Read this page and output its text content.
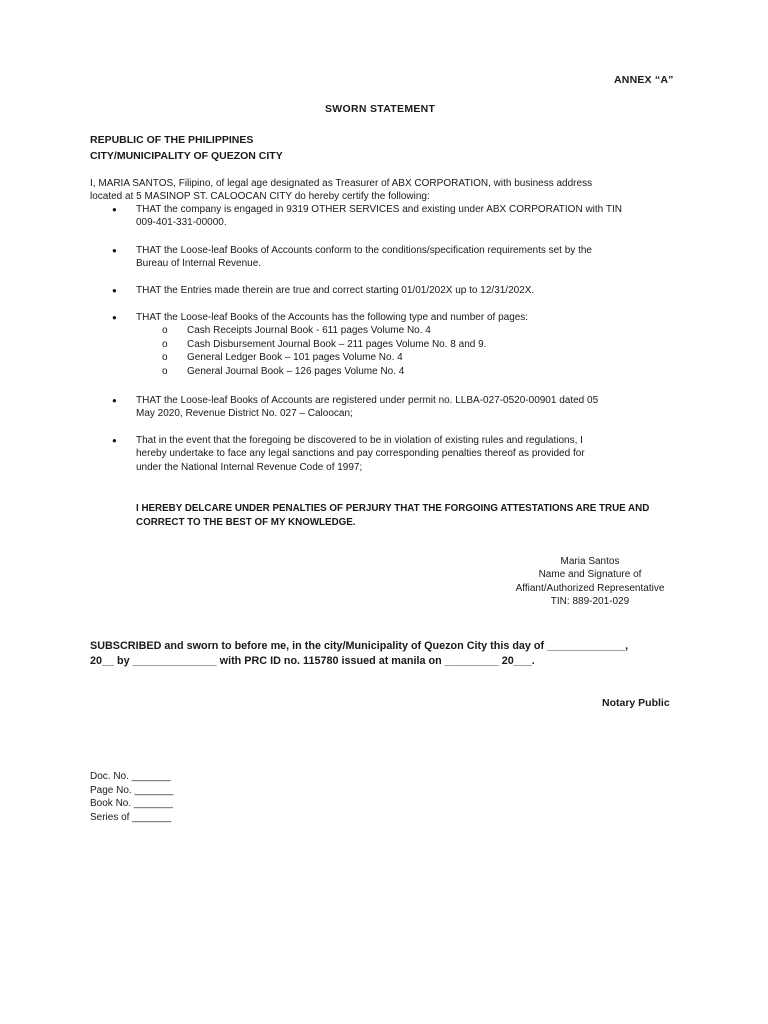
ANNEX “A”
SWORN STATEMENT
REPUBLIC OF THE PHILIPPINES
CITY/MUNICIPALITY OF QUEZON CITY
I, MARIA SANTOS, Filipino, of legal age designated as Treasurer of ABX CORPORATION, with business address
located at 5 MASINOP ST. CALOOCAN CITY do hereby certify the following:
● THAT the company is engaged in 9319 OTHER SERVICES and existing under ABX CORPORATION with TIN
009-401-331-00000.
● THAT the Loose-leaf Books of Accounts conform to the conditions/specification requirements set by the
Bureau of Internal Revenue.
● THAT the Entries made therein are true and correct starting 01/01/202X up to 12/31/202X.
● THAT the Loose-leaf Books of the Accounts has the following type and number of pages:
o Cash Receipts Journal Book - 611 pages Volume No. 4
o Cash Disbursement Journal Book – 211 pages Volume No. 8 and 9.
o General Ledger Book – 101 pages Volume No. 4
o General Journal Book – 126 pages Volume No. 4
● THAT the Loose-leaf Books of Accounts are registered under permit no. LLBA-027-0520-00901 dated 05
May 2020, Revenue District No. 027 – Caloocan;
● That in the event that the foregoing be discovered to be in violation of existing rules and regulations, I
hereby undertake to face any legal sanctions and pay corresponding penalties thereof as provided for
under the National Internal Revenue Code of 1997;
I HEREBY DELCARE UNDER PENALTIES OF PERJURY THAT THE FORGOING ATTESTATIONS ARE TRUE AND
CORRECT TO THE BEST OF MY KNOWLEDGE.
Maria Santos
Name and Signature of
Affiant/Authorized Representative
TIN: 889-201-029
SUBSCRIBED and sworn to before me, in the city/Municipality of Quezon City this day of _____________,
20__ by ______________ with PRC ID no. 115780 issued at manila on _________ 20___.
Notary Public
Doc. No. _______
Page No. _______
Book No. _______
Series of _______
